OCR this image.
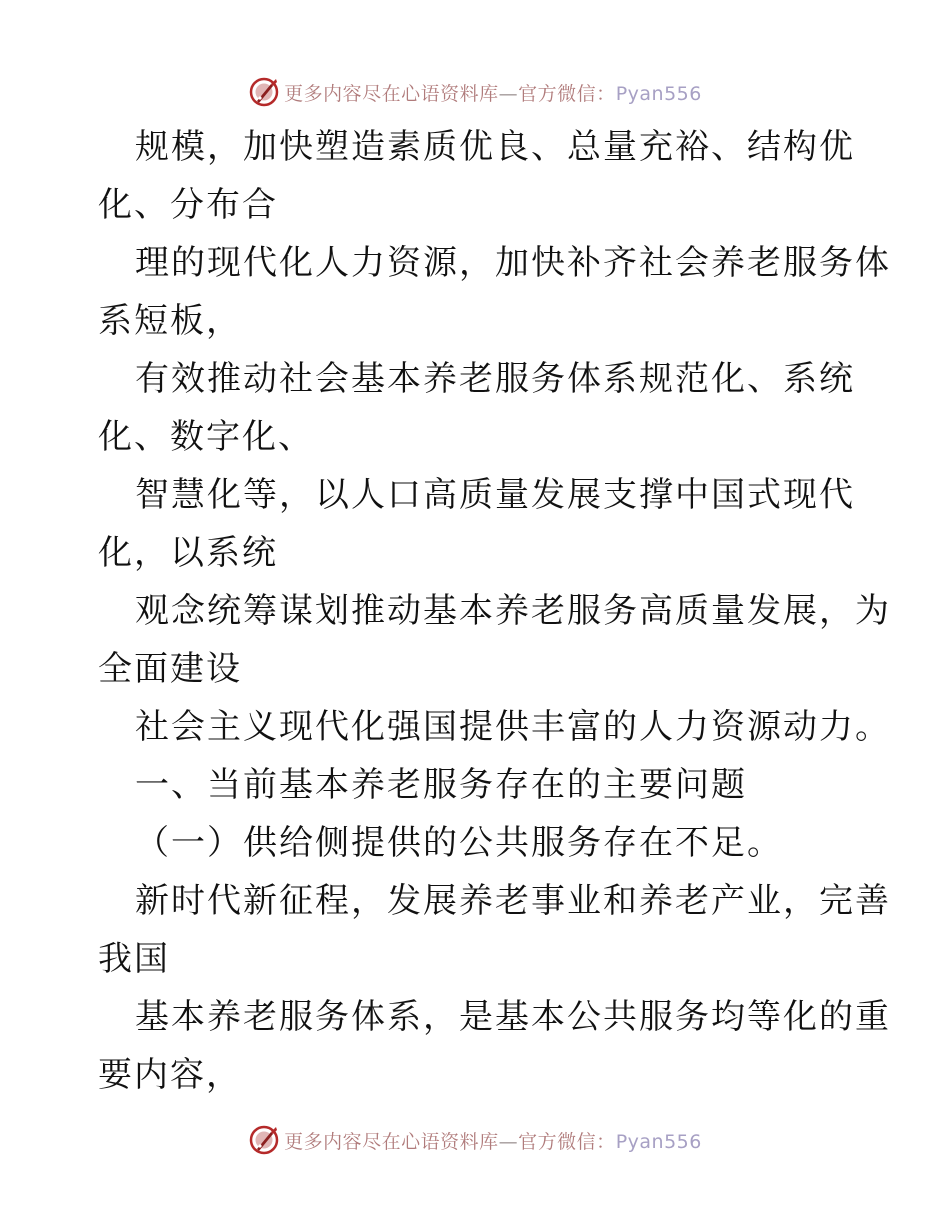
更多内容尽在心语资料库—官方微信：Pyan556
规模，加快塑造素质优良、总量充裕、结构优
化、分布合
理的现代化人力资源，加快补齐社会养老服务体
系短板，
有效推动社会基本养老服务体系规范化、系统
化、数字化、
智慧化等，以人口高质量发展支撑中国式现代
化，以系统
观念统筹谋划推动基本养老服务高质量发展，为
全面建设
社会主义现代化强国提供丰富的人力资源动力。
一、当前基本养老服务存在的主要问题
（一）供给侧提供的公共服务存在不足。
新时代新征程，发展养老事业和养老产业，完善
我国
基本养老服务体系，是基本公共服务均等化的重
要内容，
更多内容尽在心语资料库—官方微信：Pyan556
